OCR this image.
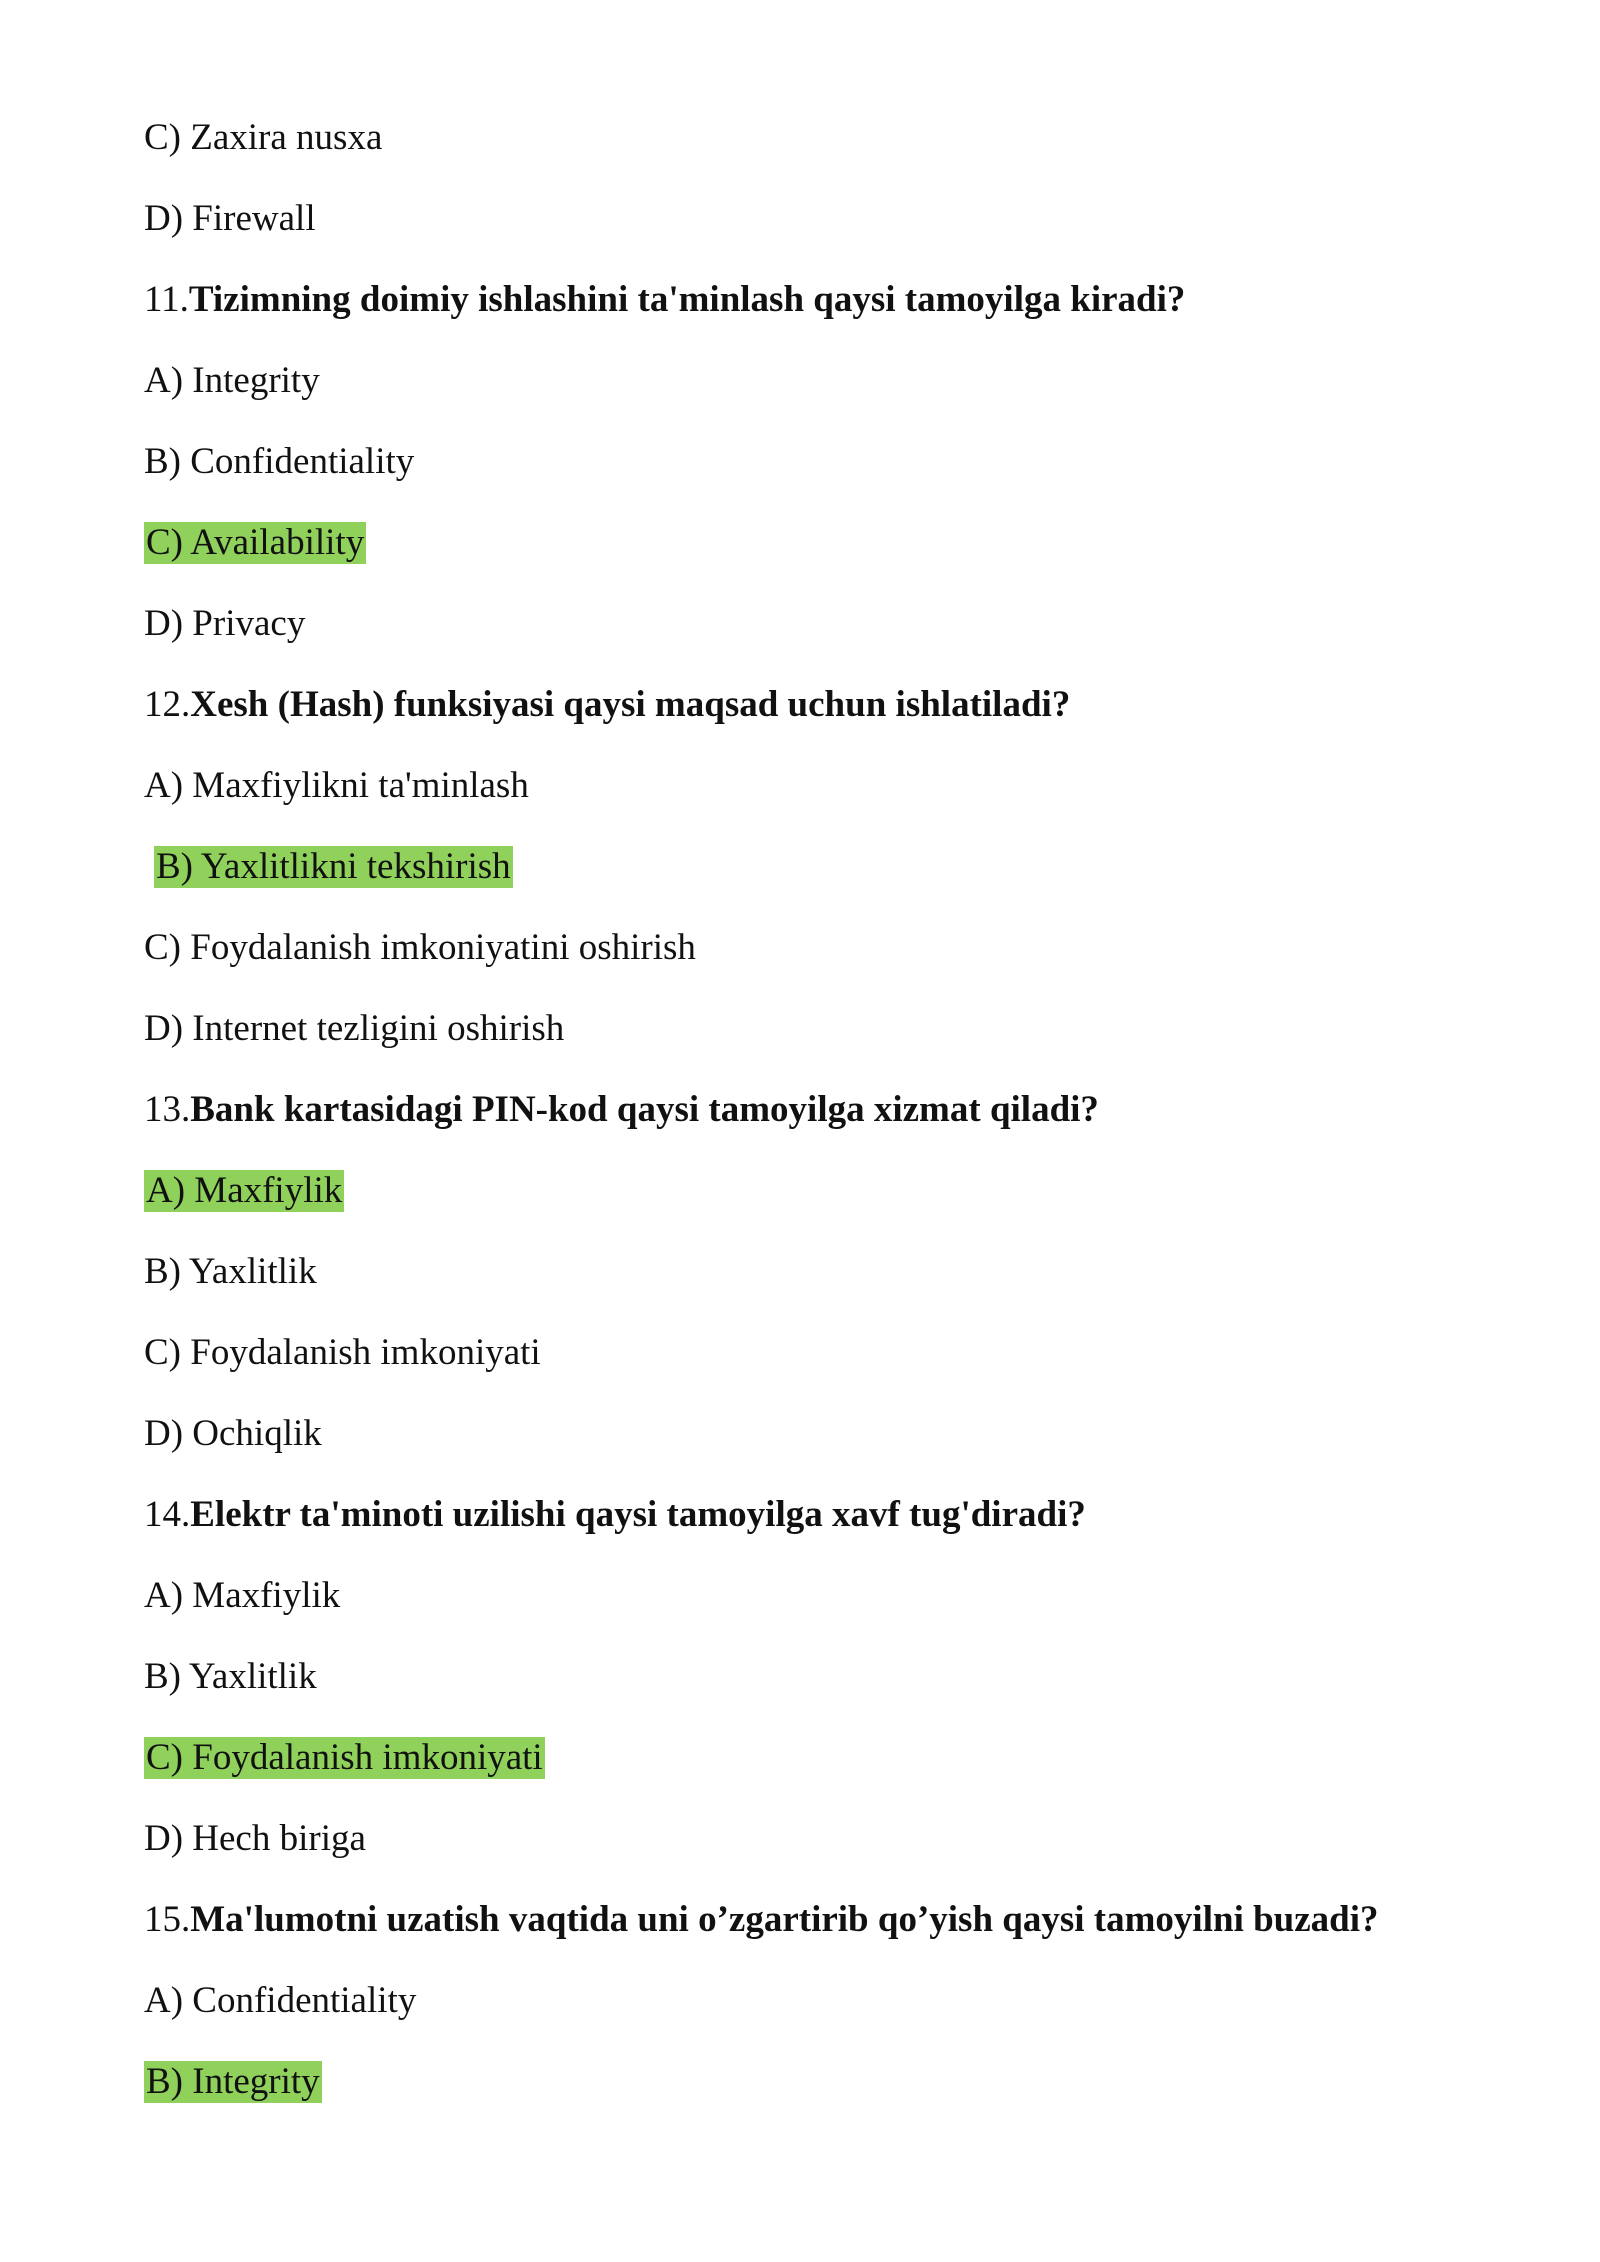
C) Zaxira nusxa
D) Firewall
11.Tizimning doimiy ishlashini ta'minlash qaysi tamoyilga kiradi?
A) Integrity
B) Confidentiality
C) Availability
D) Privacy
12.Xesh (Hash) funksiyasi qaysi maqsad uchun ishlatiladi?
A) Maxfiylikni ta'minlash
B) Yaxlitlikni tekshirish
C) Foydalanish imkoniyatini oshirish
D) Internet tezligini oshirish
13.Bank kartasidagi PIN-kod qaysi tamoyilga xizmat qiladi?
A) Maxfiylik
B) Yaxlitlik
C) Foydalanish imkoniyati
D) Ochiqlik
14.Elektr ta'minoti uzilishi qaysi tamoyilga xavf tug'diradi?
A) Maxfiylik
B) Yaxlitlik
C) Foydalanish imkoniyati
D) Hech biriga
15.Ma'lumotni uzatish vaqtida uni o’zgartirib qo’yish qaysi tamoyilni buzadi?
A) Confidentiality
B) Integrity
